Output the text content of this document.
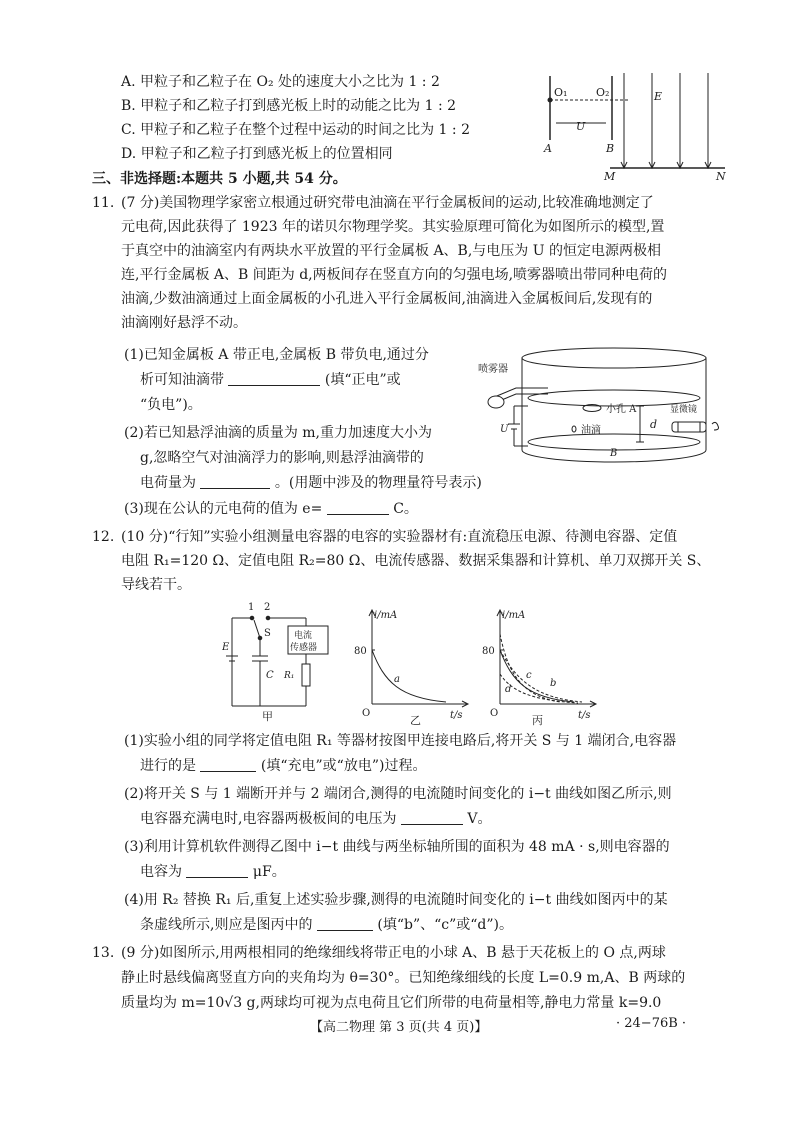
A. 甲粒子和乙粒子在 O₂ 处的速度大小之比为 1 : 2
B. 甲粒子和乙粒子打到感光板上时的动能之比为 1 : 2
C. 甲粒子和乙粒子在整个过程中运动的时间之比为 1 : 2
D. 甲粒子和乙粒子打到感光板上的位置相同
O₁	O₂	E
U
A	B
M	N
三、非选择题:本题共 5 小题,共 54 分。
11. (7 分)美国物理学家密立根通过研究带电油滴在平行金属板间的运动,比较准确地测定了
元电荷,因此获得了 1923 年的诺贝尔物理学奖。其实验原理可简化为如图所示的模型,置
于真空中的油滴室内有两块水平放置的平行金属板 A、B,与电压为 U 的恒定电源两极相
连,平行金属板 A、B 间距为 d,两板间存在竖直方向的匀强电场,喷雾器喷出带同种电荷的
油滴,少数油滴通过上面金属板的小孔进入平行金属板间,油滴进入金属板间后,发现有的
油滴刚好悬浮不动。
(1)已知金属板 A 带正电,金属板 B 带负电,通过分
析可知油滴带	(填“正电”或
“负电”)。
(2)若已知悬浮油滴的质量为 m,重力加速度大小为
g,忽略空气对油滴浮力的影响,则悬浮油滴带的
电荷量为	。(用题中涉及的物理量符号表示)
(3)现在公认的元电荷的值为 e=	C。
喷雾器
小孔 A
油滴
B
U	d
显微镜
12. (10 分)“行知”实验小组测量电容器的电容的实验器材有:直流稳压电源、待测电容器、定值
电阻 R₁=120 Ω、定值电阻 R₂=80 Ω、电流传感器、数据采集器和计算机、单刀双掷开关 S、
导线若干。
1 2
S
E
C
电流
传感器
R₁
甲
i/mA
t/s
80
O
a
乙
i/mA
t/s
80
O
b
c
d
丙
(1)实验小组的同学将定值电阻 R₁ 等器材按图甲连接电路后,将开关 S 与 1 端闭合,电容器
进行的是	(填“充电”或“放电”)过程。
(2)将开关 S 与 1 端断开并与 2 端闭合,测得的电流随时间变化的 i−t 曲线如图乙所示,则
电容器充满电时,电容器两极板间的电压为	V。
(3)利用计算机软件测得乙图中 i−t 曲线与两坐标轴所围的面积为 48 mA · s,则电容器的
电容为	μF。
(4)用 R₂ 替换 R₁ 后,重复上述实验步骤,测得的电流随时间变化的 i−t 曲线如图丙中的某
条虚线所示,则应是图丙中的	(填“b”、“c”或“d”)。
13. (9 分)如图所示,用两根相同的绝缘细线将带正电的小球 A、B 悬于天花板上的 O 点,两球
静止时悬线偏离竖直方向的夹角均为 θ=30°。已知绝缘细线的长度 L=0.9 m,A、B 两球的
质量均为 m=10√3 g,两球均可视为点电荷且它们所带的电荷量相等,静电力常量 k=9.0
【高二物理 第 3 页(共 4 页)】	· 24−76B ·
